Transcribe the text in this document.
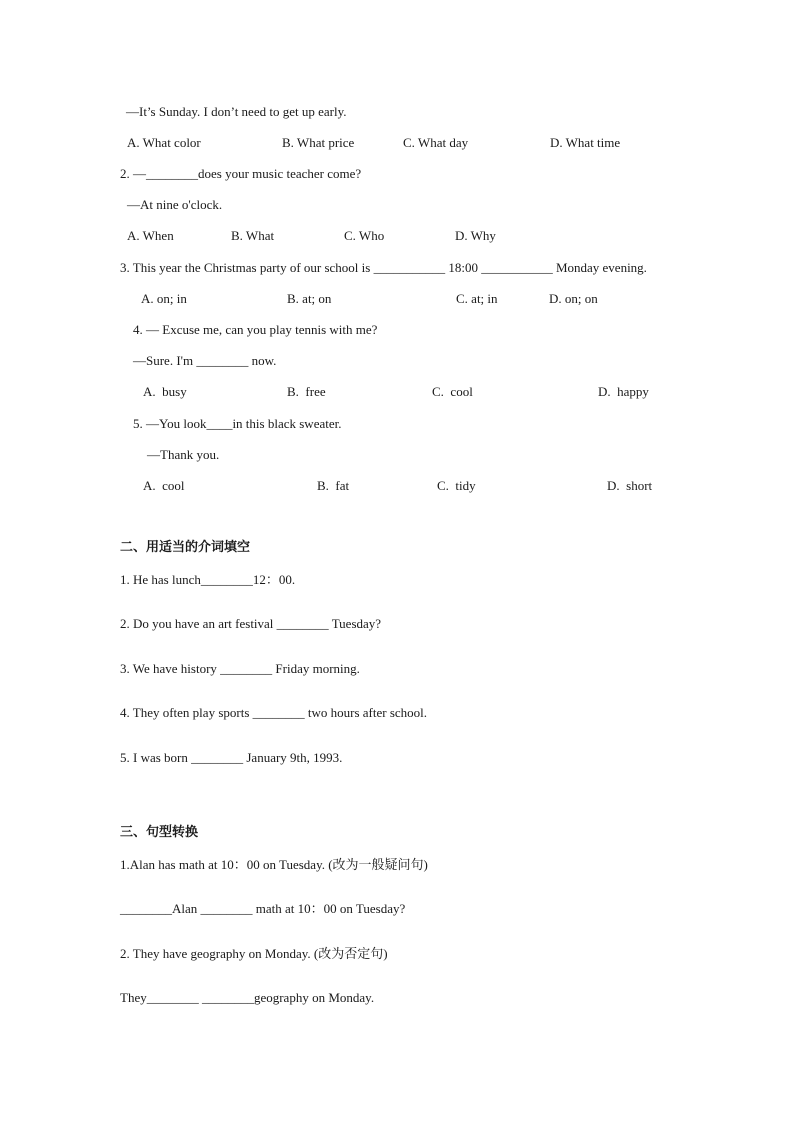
—It’s Sunday. I don’t need to get up early.
A. What color	B. What price	C. What day	D. What time
2. —________does your music teacher come?
—At nine o'clock.
A. When	B. What	C. Who	D. Why
3. This year the Christmas party of our school is ___________ 18:00 ___________ Monday evening.
A. on; in	B. at; on	C. at; in	D. on; on
4. — Excuse me, can you play tennis with me?
—Sure. I'm ________ now.
A.  busy	B.  free	C.  cool	D.  happy
5. —You look____in this black sweater.
—Thank you.
A.  cool	B.  fat	C.  tidy	D.  short
二、用适当的介词填空
1. He has lunch________12：00.
2. Do you have an art festival ________ Tuesday?
3. We have history ________ Friday morning.
4. They often play sports ________ two hours after school.
5. I was born ________ January 9th, 1993.
三、句型转换
1.Alan has math at 10：00 on Tuesday. (改为一般疑问句)
________Alan ________ math at 10：00 on Tuesday?
2. They have geography on Monday. (改为否定句)
They________ ________geography on Monday.
